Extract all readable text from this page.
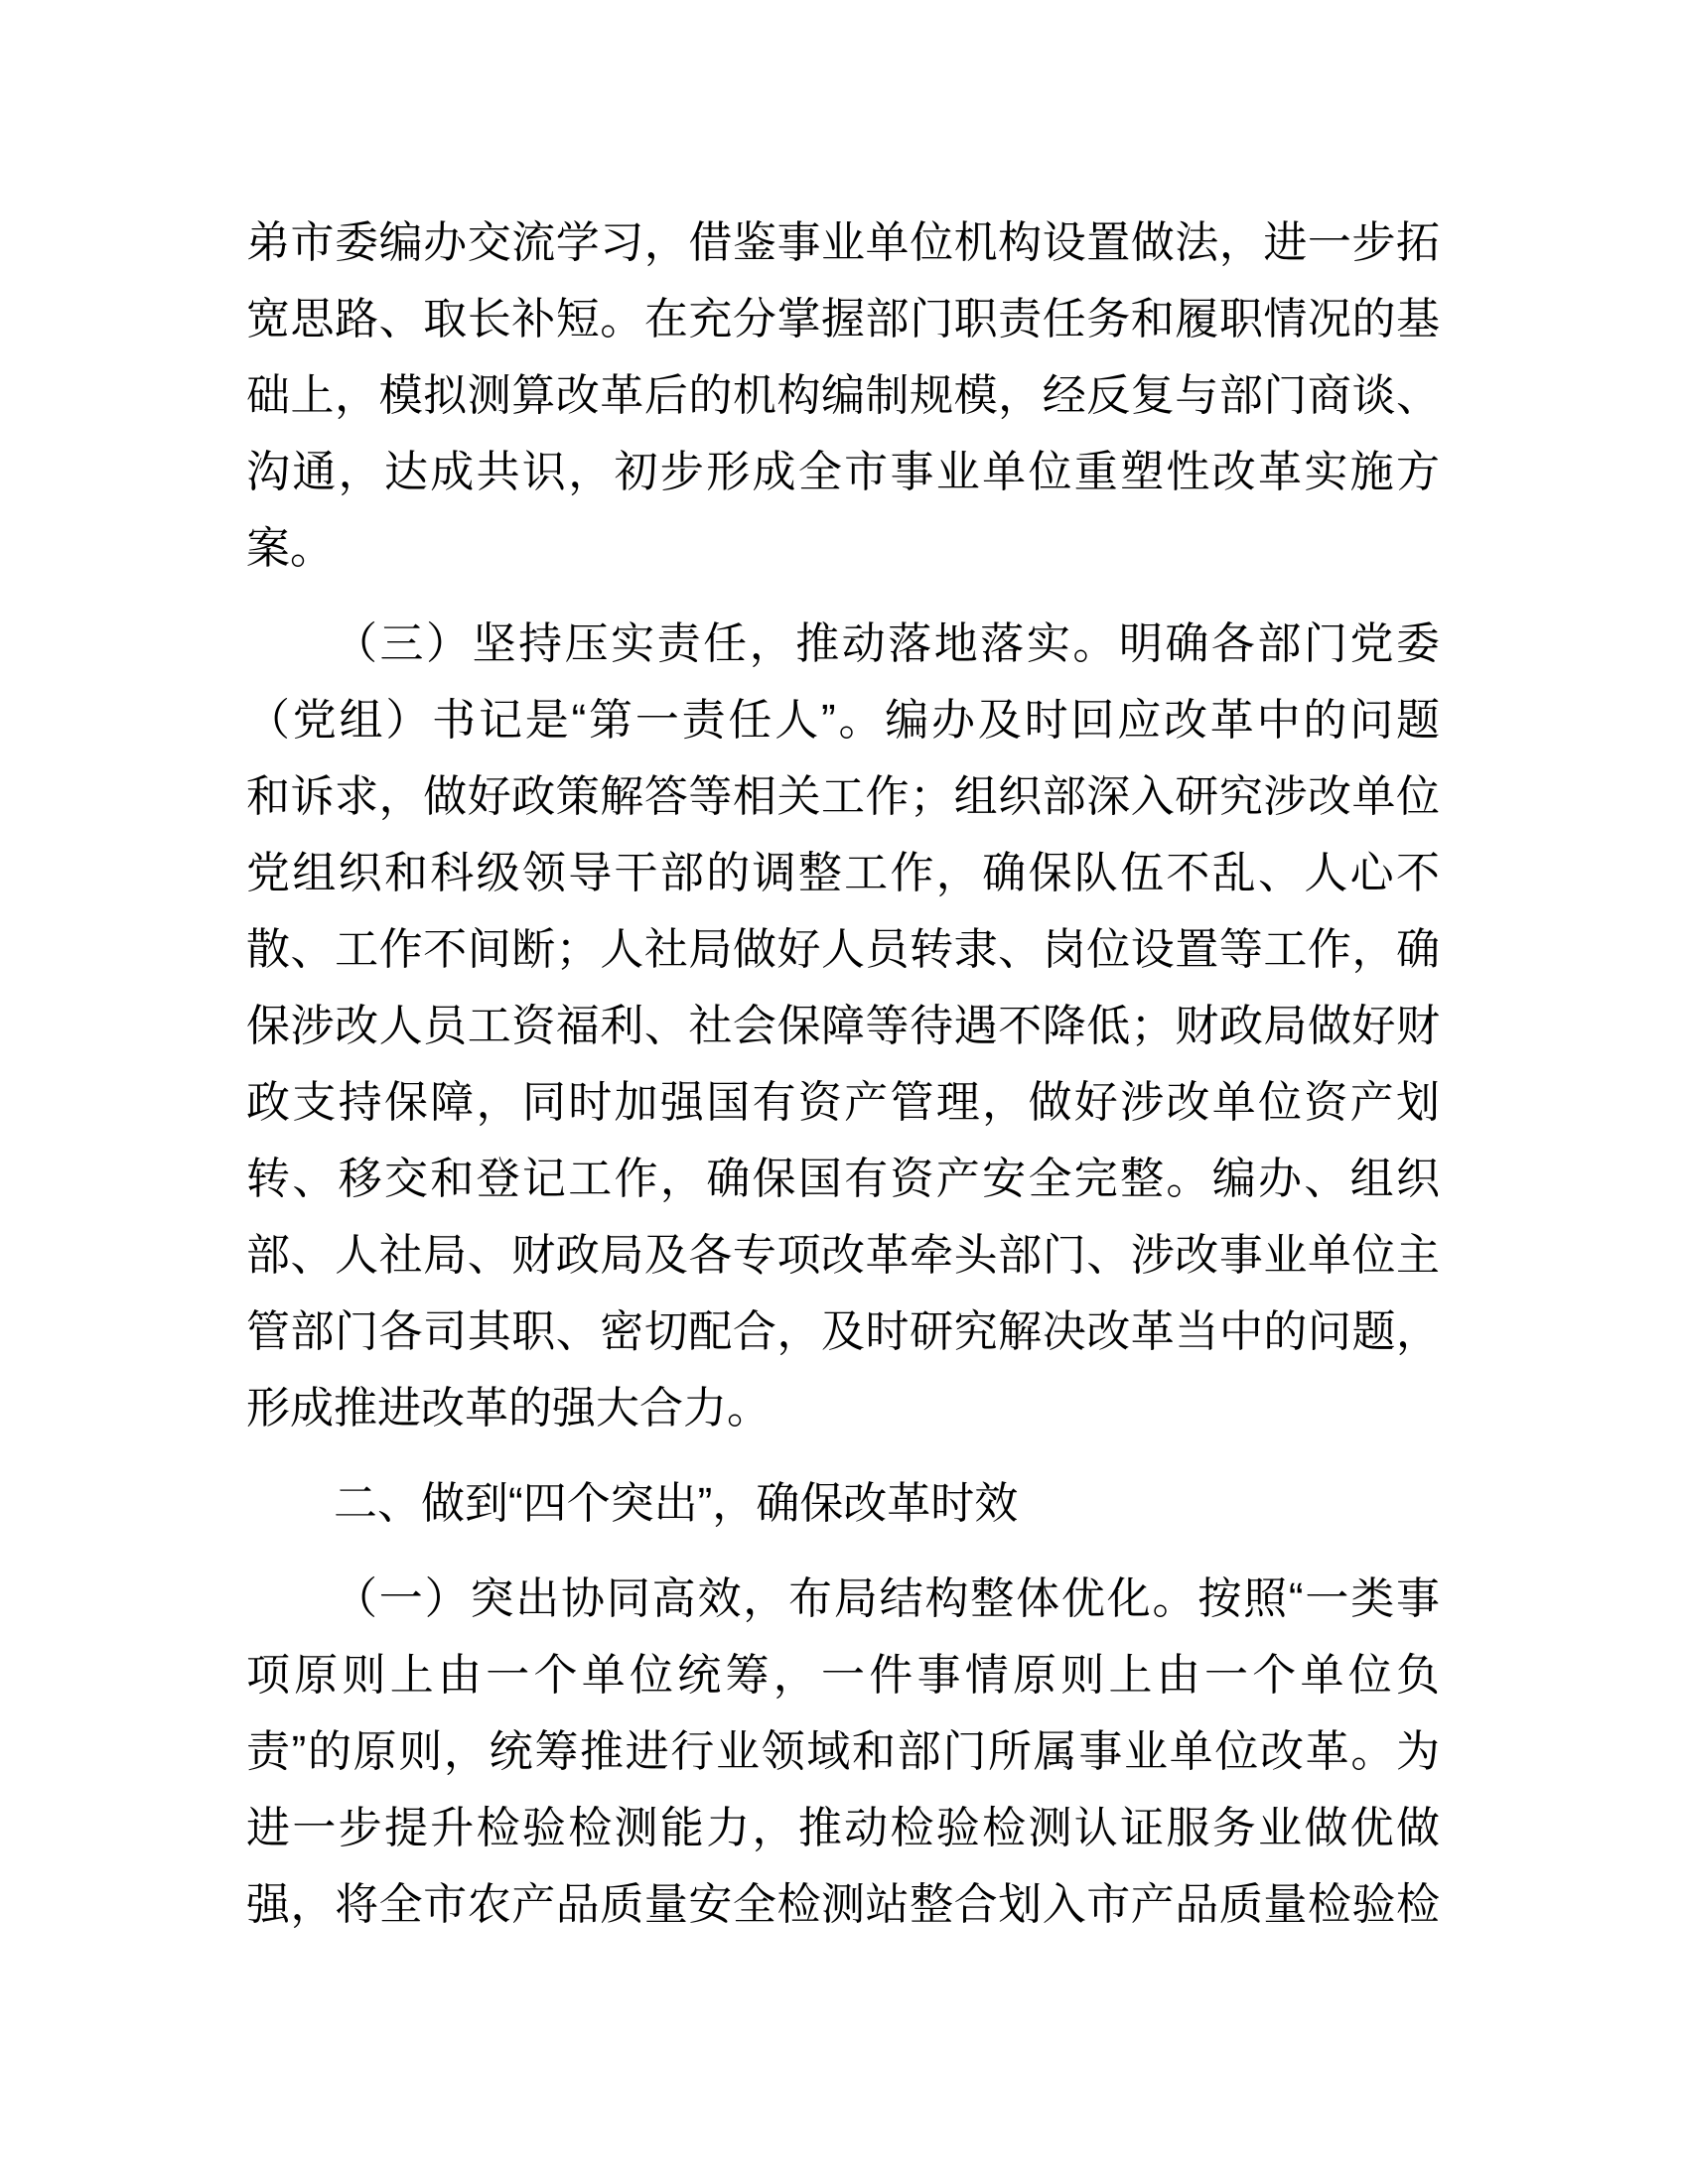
弟市委编办交流学习，借鉴事业单位机构设置做法，进一步拓
宽思路、取长补短。在充分掌握部门职责任务和履职情况的基
础上，模拟测算改革后的机构编制规模，经反复与部门商谈、
沟通，达成共识，初步形成全市事业单位重塑性改革实施方
案。
（三）坚持压实责任，推动落地落实。明确各部门党委
（党组）书记是“第一责任人”。编办及时回应改革中的问题
和诉求，做好政策解答等相关工作；组织部深入研究涉改单位
党组织和科级领导干部的调整工作，确保队伍不乱、人心不
散、工作不间断；人社局做好人员转隶、岗位设置等工作，确
保涉改人员工资福利、社会保障等待遇不降低；财政局做好财
政支持保障，同时加强国有资产管理，做好涉改单位资产划
转、移交和登记工作，确保国有资产安全完整。编办、组织
部、人社局、财政局及各专项改革牵头部门、涉改事业单位主
管部门各司其职、密切配合，及时研究解决改革当中的问题，
形成推进改革的强大合力。
二、做到“四个突出”，确保改革时效
（一）突出协同高效，布局结构整体优化。按照“一类事
项原则上由一个单位统筹，一件事情原则上由一个单位负
责”的原则，统筹推进行业领域和部门所属事业单位改革。为
进一步提升检验检测能力，推动检验检测认证服务业做优做
强，将全市农产品质量安全检测站整合划入市产品质量检验检
